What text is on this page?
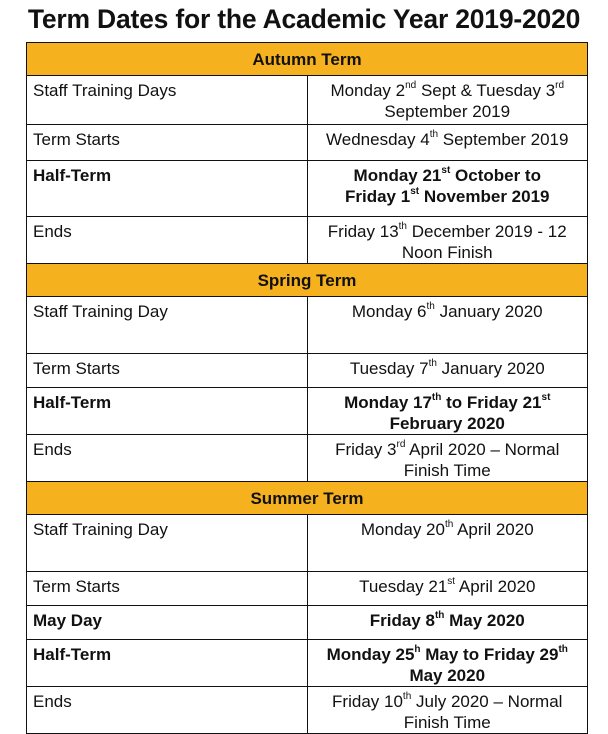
Term Dates for the Academic Year 2019-2020
Autumn Term	
Staff Training Days	Monday 2nd Sept & Tuesday 3rd September 2019

Term Starts	Wednesday 4th September 2019

Half-Term	Monday 21st October to
Friday 1st November 2019

Ends	Friday 13th December 2019 - 12 Noon Finish

Spring Term	
Staff Training Day	Monday 6th January 2020

Term Starts	Tuesday 7th January 2020

Half-Term	Monday 17th to Friday 21st February 2020

Ends	Friday 3rd April 2020 – Normal Finish Time

Summer Term	
Staff Training Day	Monday 20th April 2020

Term Starts	Tuesday 21st April 2020

May Day	Friday 8th May 2020

Half-Term	Monday 25$^h$ May to Friday 29th May 2020

Ends	Friday 10th July 2020 – Normal Finish Time
